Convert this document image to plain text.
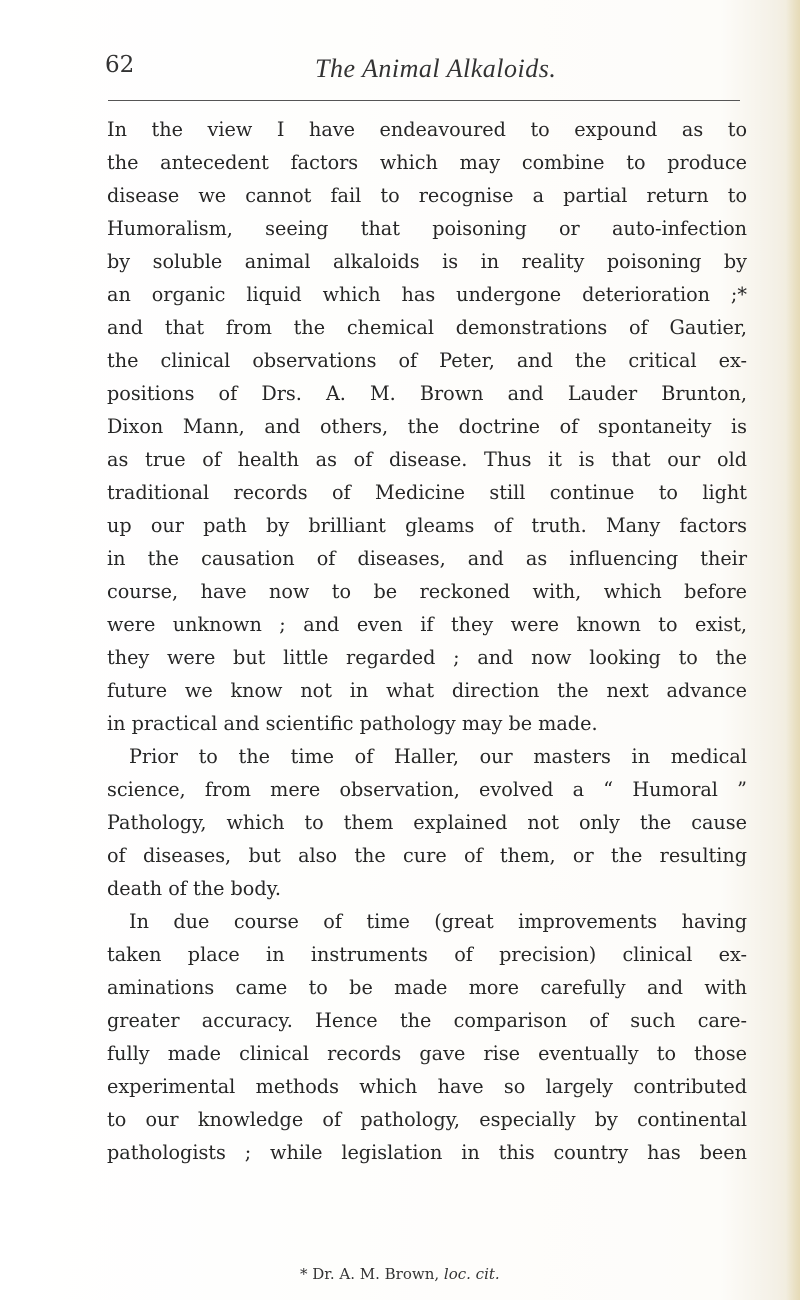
62	The Animal Alkaloids.
In the view I have endeavoured to expound as to
the antecedent factors which may combine to produce
disease we cannot fail to recognise a partial return to
Humoralism, seeing that poisoning or auto-infection
by soluble animal alkaloids is in reality poisoning by
an organic liquid which has undergone deterioration ;*
and that from the chemical demonstrations of Gautier,
the clinical observations of Peter, and the critical ex-
positions of Drs. A. M. Brown and Lauder Brunton,
Dixon Mann, and others, the doctrine of spontaneity is
as true of health as of disease. Thus it is that our old
traditional records of Medicine still continue to light
up our path by brilliant gleams of truth. Many factors
in the causation of diseases, and as influencing their
course, have now to be reckoned with, which before
were unknown ; and even if they were known to exist,
they were but little regarded ; and now looking to the
future we know not in what direction the next advance
in practical and scientific pathology may be made.
Prior to the time of Haller, our masters in medical
science, from mere observation, evolved a “ Humoral ”
Pathology, which to them explained not only the cause
of diseases, but also the cure of them, or the resulting
death of the body.
In due course of time (great improvements having
taken place in instruments of precision) clinical ex-
aminations came to be made more carefully and with
greater accuracy. Hence the comparison of such care-
fully made clinical records gave rise eventually to those
experimental methods which have so largely contributed
to our knowledge of pathology, especially by continental
pathologists ; while legislation in this country has been
* Dr. A. M. Brown, loc. cit.
